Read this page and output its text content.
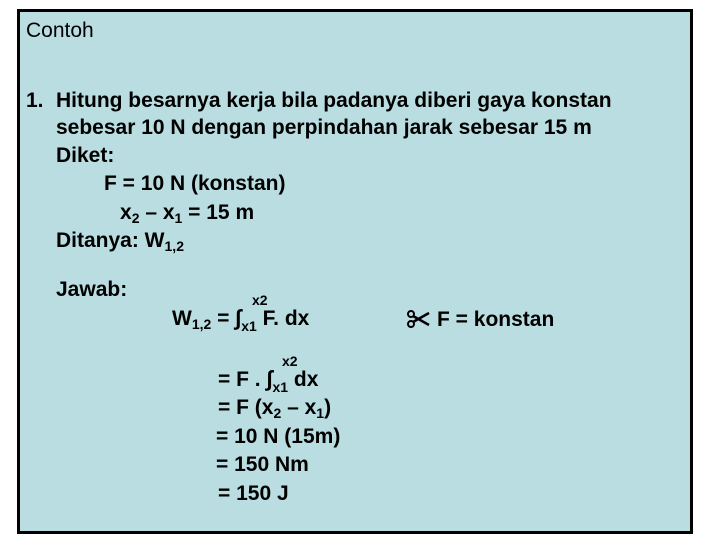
Contoh
1. Hitung besarnya kerja bila padanya diberi gaya konstan
sebesar 10 N dengan perpindahan jarak sebesar 15 m
Diket:
F = 10 N (konstan)
x2 – x1 = 15 m
Ditanya: W1,2
Jawab:
$W1,2 = \int_{x1}$ F. dx
x2
F = konstan
= F . $\int_{x1}$ dx
x2
= F (x2 – x1)
= 10 N (15m)
= 150 Nm
= 150 J
